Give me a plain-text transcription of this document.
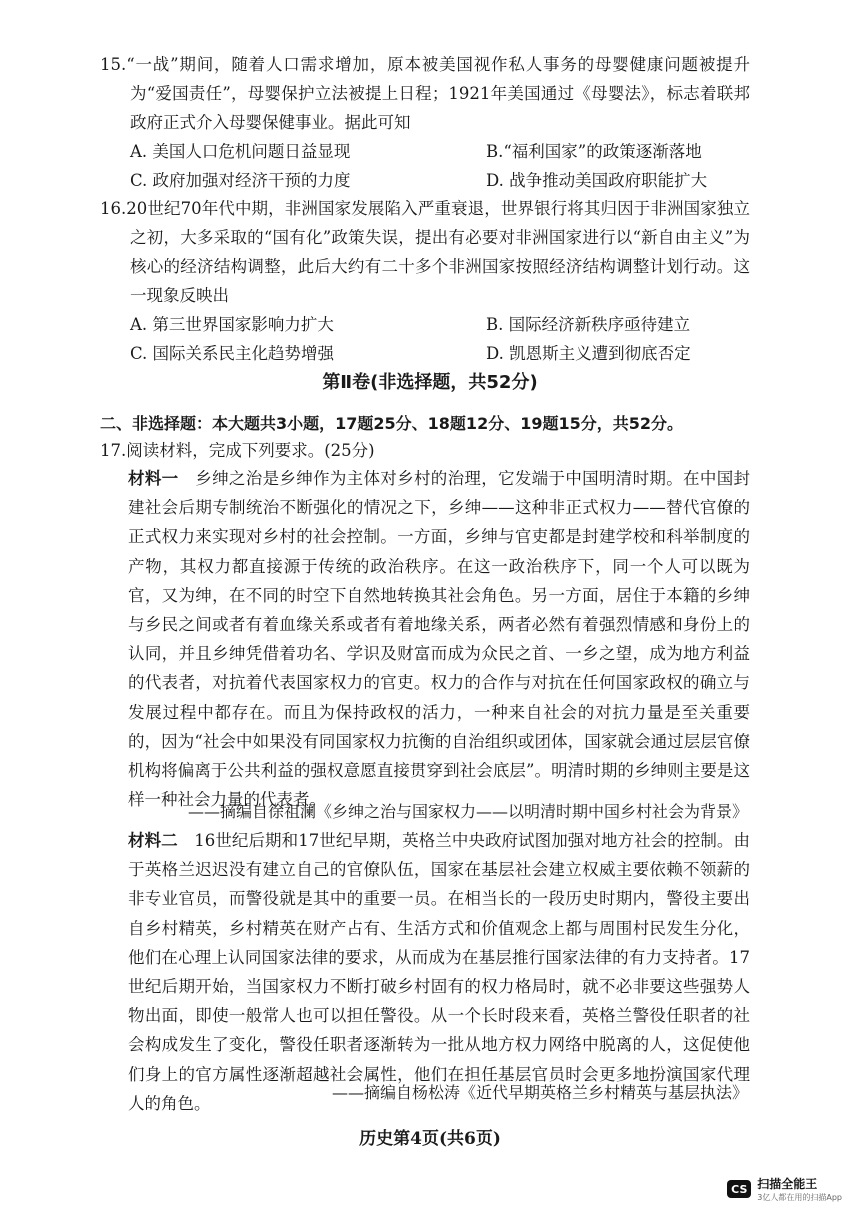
15.“一战”期间，随着人口需求增加，原本被美国视作私人事务的母婴健康问题被提升为“爱国责任”，母婴保护立法被提上日程；1921年美国通过《母婴法》，标志着联邦政府正式介入母婴保健事业。据此可知

A. 美国人口危机问题日益显现	B.“福利国家”的政策逐渐落地
C. 政府加强对经济干预的力度	D. 战争推动美国政府职能扩大

16.20世纪70年代中期，非洲国家发展陷入严重衰退，世界银行将其归因于非洲国家独立之初，大多采取的“国有化”政策失误，提出有必要对非洲国家进行以“新自由主义”为核心的经济结构调整，此后大约有二十多个非洲国家按照经济结构调整计划行动。这一现象反映出

A. 第三世界国家影响力扩大	B. 国际经济新秩序亟待建立
C. 国际关系民主化趋势增强	D. 凯恩斯主义遭到彻底否定
第Ⅱ卷(非选择题，共52分)
二、非选择题：本大题共3小题，17题25分、18题12分、19题15分，共52分。
17.阅读材料，完成下列要求。(25分)

材料一　乡绅之治是乡绅作为主体对乡村的治理，它发端于中国明清时期。在中国封建社会后期专制统治不断强化的情况之下，乡绅——这种非正式权力——替代官僚的正式权力来实现对乡村的社会控制。一方面，乡绅与官吏都是封建学校和科举制度的产物，其权力都直接源于传统的政治秩序。在这一政治秩序下，同一个人可以既为官，又为绅，在不同的时空下自然地转换其社会角色。另一方面，居住于本籍的乡绅与乡民之间或者有着血缘关系或者有着地缘关系，两者必然有着强烈情感和身份上的认同，并且乡绅凭借着功名、学识及财富而成为众民之首、一乡之望，成为地方利益的代表者，对抗着代表国家权力的官吏。权力的合作与对抗在任何国家政权的确立与发展过程中都存在。而且为保持政权的活力，一种来自社会的对抗力量是至关重要的，因为“社会中如果没有同国家权力抗衡的自治组织或团体，国家就会通过层层官僚机构将偏离于公共利益的强权意愿直接贯穿到社会底层”。明清时期的乡绅则主要是这样一种社会力量的代表者。

——摘编自徐祖澜《乡绅之治与国家权力——以明清时期中国乡村社会为背景》

材料二　16世纪后期和17世纪早期，英格兰中央政府试图加强对地方社会的控制。由于英格兰迟迟没有建立自己的官僚队伍，国家在基层社会建立权威主要依赖不领薪的非专业官员，而警役就是其中的重要一员。在相当长的一段历史时期内，警役主要出自乡村精英，乡村精英在财产占有、生活方式和价值观念上都与周围村民发生分化，他们在心理上认同国家法律的要求，从而成为在基层推行国家法律的有力支持者。17世纪后期开始，当国家权力不断打破乡村固有的权力格局时，就不必非要这些强势人物出面，即使一般常人也可以担任警役。从一个长时段来看，英格兰警役任职者的社会构成发生了变化，警役任职者逐渐转为一批从地方权力网络中脱离的人，这促使他们身上的官方属性逐渐超越社会属性，他们在担任基层官员时会更多地扮演国家代理人的角色。

——摘编自杨松涛《近代早期英格兰乡村精英与基层执法》
历史第4页(共6页)
CS 扫描全能王
3亿人都在用的扫描App
